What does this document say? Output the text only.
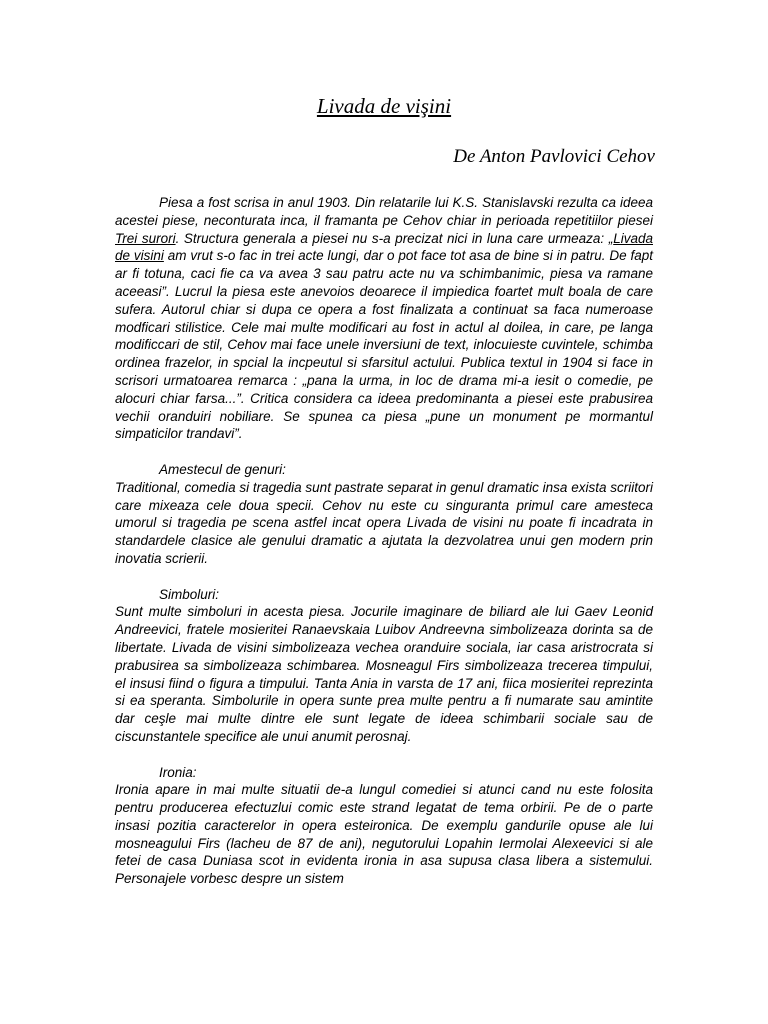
Livada de vişini
De Anton Pavlovici Cehov

Piesa a fost scrisa in anul 1903. Din relatarile lui K.S. Stanislavski rezulta ca ideea acestei piese, neconturata inca, il framanta pe Cehov chiar in perioada repetitiilor piesei Trei surori. Structura generala a piesei nu s-a precizat nici in luna care urmeaza: „Livada de visini am vrut s-o fac in trei acte lungi, dar o pot face tot asa de bine si in patru. De fapt ar fi totuna, caci fie ca va avea 3 sau patru acte nu va schimbanimic, piesa va ramane aceeasi”. Lucrul la piesa este anevoios deoarece il impiedica foartet mult boala de care sufera. Autorul chiar si dupa ce opera a fost finalizata a continuat sa faca numeroase modficari stilistice. Cele mai multe modificari au fost in actul al doilea, in care, pe langa modificcari de stil, Cehov mai face unele inversiuni de text, inlocuieste cuvintele, schimba ordinea frazelor, in spcial la incpeutul si sfarsitul actului. Publica textul in 1904 si face in scrisori urmatoarea remarca : „pana la urma, in loc de drama mi-a iesit o comedie, pe alocuri chiar farsa...”. Critica considera ca ideea predominanta a piesei este prabusirea vechii oranduiri nobiliare. Se spunea ca piesa „pune un monument pe mormantul simpaticilor trandavi”.

Amestecul de genuri:

Traditional, comedia si tragedia sunt pastrate separat in genul dramatic insa exista scriitori care mixeaza cele doua specii. Cehov nu este cu singuranta primul care amesteca umorul si tragedia pe scena astfel incat opera Livada de visini nu poate fi incadrata in standardele clasice ale genului dramatic a ajutata la dezvolatrea unui gen modern prin inovatia scrierii.

Simboluri:

Sunt multe simboluri in acesta piesa. Jocurile imaginare de biliard ale lui Gaev Leonid Andreevici, fratele mosieritei Ranaevskaia Luibov Andreevna simbolizeaza dorinta sa de libertate. Livada de visini simbolizeaza vechea oranduire sociala, iar casa aristrocrata si prabusirea sa simbolizeaza schimbarea. Mosneagul Firs simbolizeaza trecerea timpului, el insusi fiind o figura a timpului. Tanta Ania in varsta de 17 ani, fiica mosieritei reprezinta si ea speranta. Simbolurile in opera sunte prea multe pentru a fi numarate sau amintite dar ceşle mai multe dintre ele sunt legate de ideea schimbarii sociale sau de ciscunstantele specifice ale unui anumit perosnaj.

Ironia:

Ironia apare in mai multe situatii de-a lungul comediei si atunci cand nu este folosita pentru producerea efectuzlui comic este strand legatat de tema orbirii. Pe de o parte insasi pozitia caracterelor in opera esteironica. De exemplu gandurile opuse ale lui mosneagului Firs (lacheu de 87 de ani), negutorului Lopahin Iermolai Alexeevici si ale fetei de casa Duniasa scot in evidenta ironia in asa supusa clasa libera a sistemului. Personajele vorbesc despre un sistem
